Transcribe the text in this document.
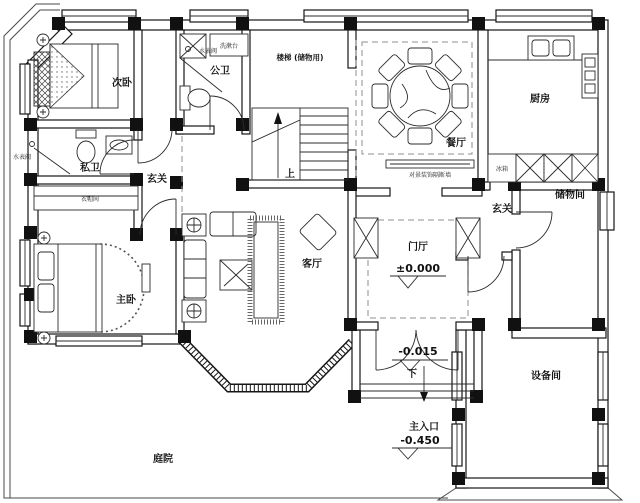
次卧
公卫
私卫
玄关
楼梯 (储物用)
餐厅
厨房
储物间
玄关
门厅
客厅
主卧
衣帽间
设备间
庭院
±0.000
-0.015
主入口
-0.450
下
上	对景装饰隔断墙
洗漱台
冰箱
水表阀
水表阀
